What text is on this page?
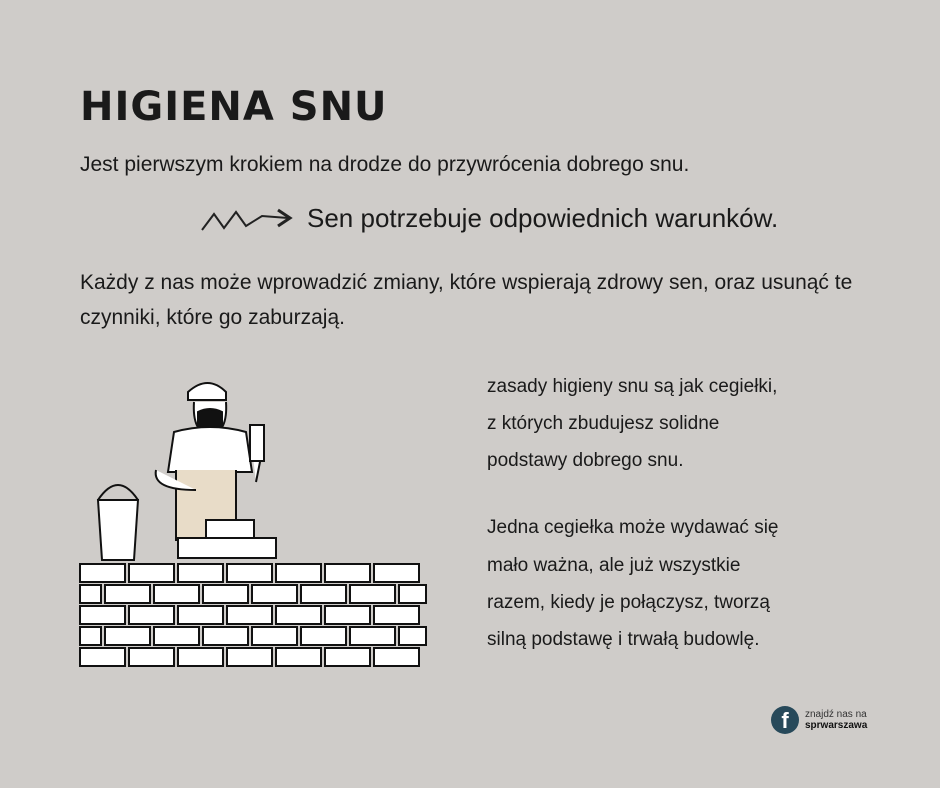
HIGIENA SNU
Jest pierwszym krokiem na drodze do przywrócenia dobrego snu.
Sen potrzebuje odpowiednich warunków.
Każdy z nas może wprowadzić zmiany, które wspierają zdrowy sen, oraz usunąć te czynniki, które go zaburzają.
zasady higieny snu są jak cegiełki,
z których zbudujesz solidne
podstawy dobrego snu.
Jedna cegiełka może wydawać się
mało ważna, ale już wszystkie
razem, kiedy je połączysz, tworzą
silną podstawę i trwałą budowlę.
f	znajdź nas na
sprwarszawa
